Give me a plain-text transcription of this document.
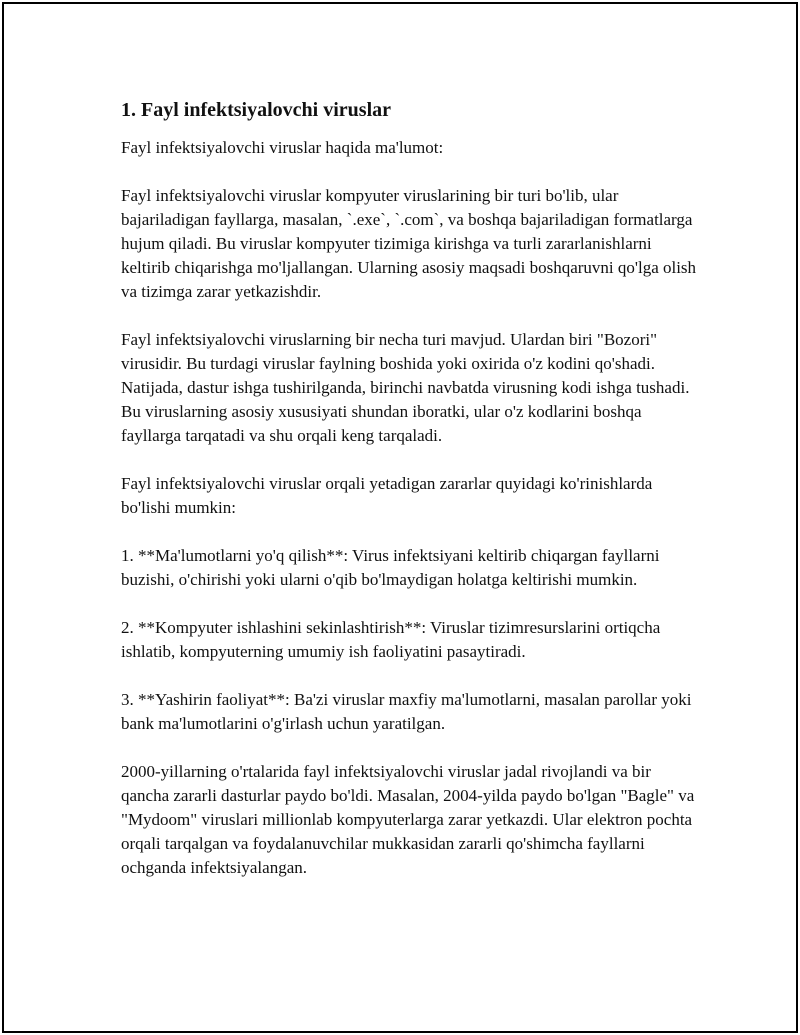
1. Fayl infektsiyalovchi viruslar

Fayl infektsiyalovchi viruslar haqida ma'lumot:

Fayl infektsiyalovchi viruslar kompyuter viruslarining bir turi bo'lib, ular bajariladigan fayllarga, masalan, `.exe`, `.com`, va boshqa bajariladigan formatlarga hujum qiladi. Bu viruslar kompyuter tizimiga kirishga va turli zararlanishlarni keltirib chiqarishga mo'ljallangan. Ularning asosiy maqsadi boshqaruvni qo'lga olish va tizimga zarar yetkazishdir.

Fayl infektsiyalovchi viruslarning bir necha turi mavjud. Ulardan biri "Bozori" virusidir. Bu turdagi viruslar faylning boshida yoki oxirida o'z kodini qo'shadi. Natijada, dastur ishga tushirilganda, birinchi navbatda virusning kodi ishga tushadi. Bu viruslarning asosiy xususiyati shundan iboratki, ular o'z kodlarini boshqa fayllarga tarqatadi va shu orqali keng tarqaladi.

Fayl infektsiyalovchi viruslar orqali yetadigan zararlar quyidagi ko'rinishlarda bo'lishi mumkin:

1. **Ma'lumotlarni yo'q qilish**: Virus infektsiyani keltirib chiqargan fayllarni buzishi, o'chirishi yoki ularni o'qib bo'lmaydigan holatga keltirishi mumkin.

2. **Kompyuter ishlashini sekinlashtirish**: Viruslar tizimresurslarini ortiqcha ishlatib, kompyuterning umumiy ish faoliyatini pasaytiradi.

3. **Yashirin faoliyat**: Ba'zi viruslar maxfiy ma'lumotlarni, masalan parollar yoki bank ma'lumotlarini o'g'irlash uchun yaratilgan.

2000-yillarning o'rtalarida fayl infektsiyalovchi viruslar jadal rivojlandi va bir qancha zararli dasturlar paydo bo'ldi. Masalan, 2004-yilda paydo bo'lgan "Bagle" va "Mydoom" viruslari millionlab kompyuterlarga zarar yetkazdi. Ular elektron pochta orqali tarqalgan va foydalanuvchilar mukkasidan zararli qo'shimcha fayllarni ochganda infektsiyalangan.
